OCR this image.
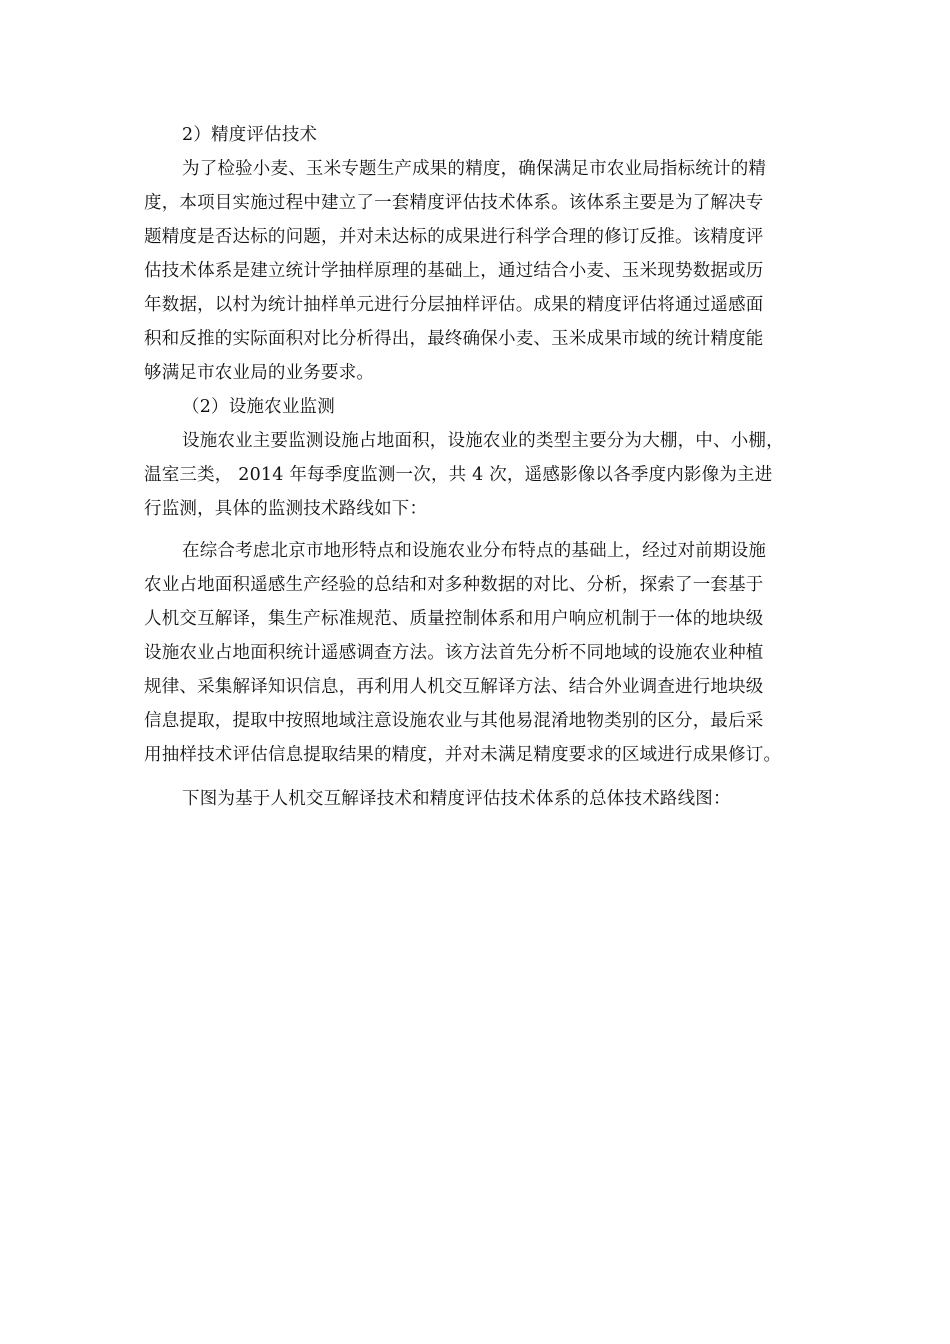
2）精度评估技术
为了检验小麦、玉米专题生产成果的精度，确保满足市农业局指标统计的精
度，本项目实施过程中建立了一套精度评估技术体系。该体系主要是为了解决专
题精度是否达标的问题，并对未达标的成果进行科学合理的修订反推。该精度评
估技术体系是建立统计学抽样原理的基础上，通过结合小麦、玉米现势数据或历
年数据，以村为统计抽样单元进行分层抽样评估。成果的精度评估将通过遥感面
积和反推的实际面积对比分析得出，最终确保小麦、玉米成果市域的统计精度能
够满足市农业局的业务要求。
（2）设施农业监测
设施农业主要监测设施占地面积，设施农业的类型主要分为大棚，中、小棚，
温室三类， 2014 年每季度监测一次，共 4 次，遥感影像以各季度内影像为主进
行监测，具体的监测技术路线如下：
在综合考虑北京市地形特点和设施农业分布特点的基础上，经过对前期设施
农业占地面积遥感生产经验的总结和对多种数据的对比、分析，探索了一套基于
人机交互解译，集生产标准规范、质量控制体系和用户响应机制于一体的地块级
设施农业占地面积统计遥感调查方法。该方法首先分析不同地域的设施农业种植
规律、采集解译知识信息，再利用人机交互解译方法、结合外业调查进行地块级
信息提取，提取中按照地域注意设施农业与其他易混淆地物类别的区分，最后采
用抽样技术评估信息提取结果的精度，并对未满足精度要求的区域进行成果修订。
下图为基于人机交互解译技术和精度评估技术体系的总体技术路线图：
